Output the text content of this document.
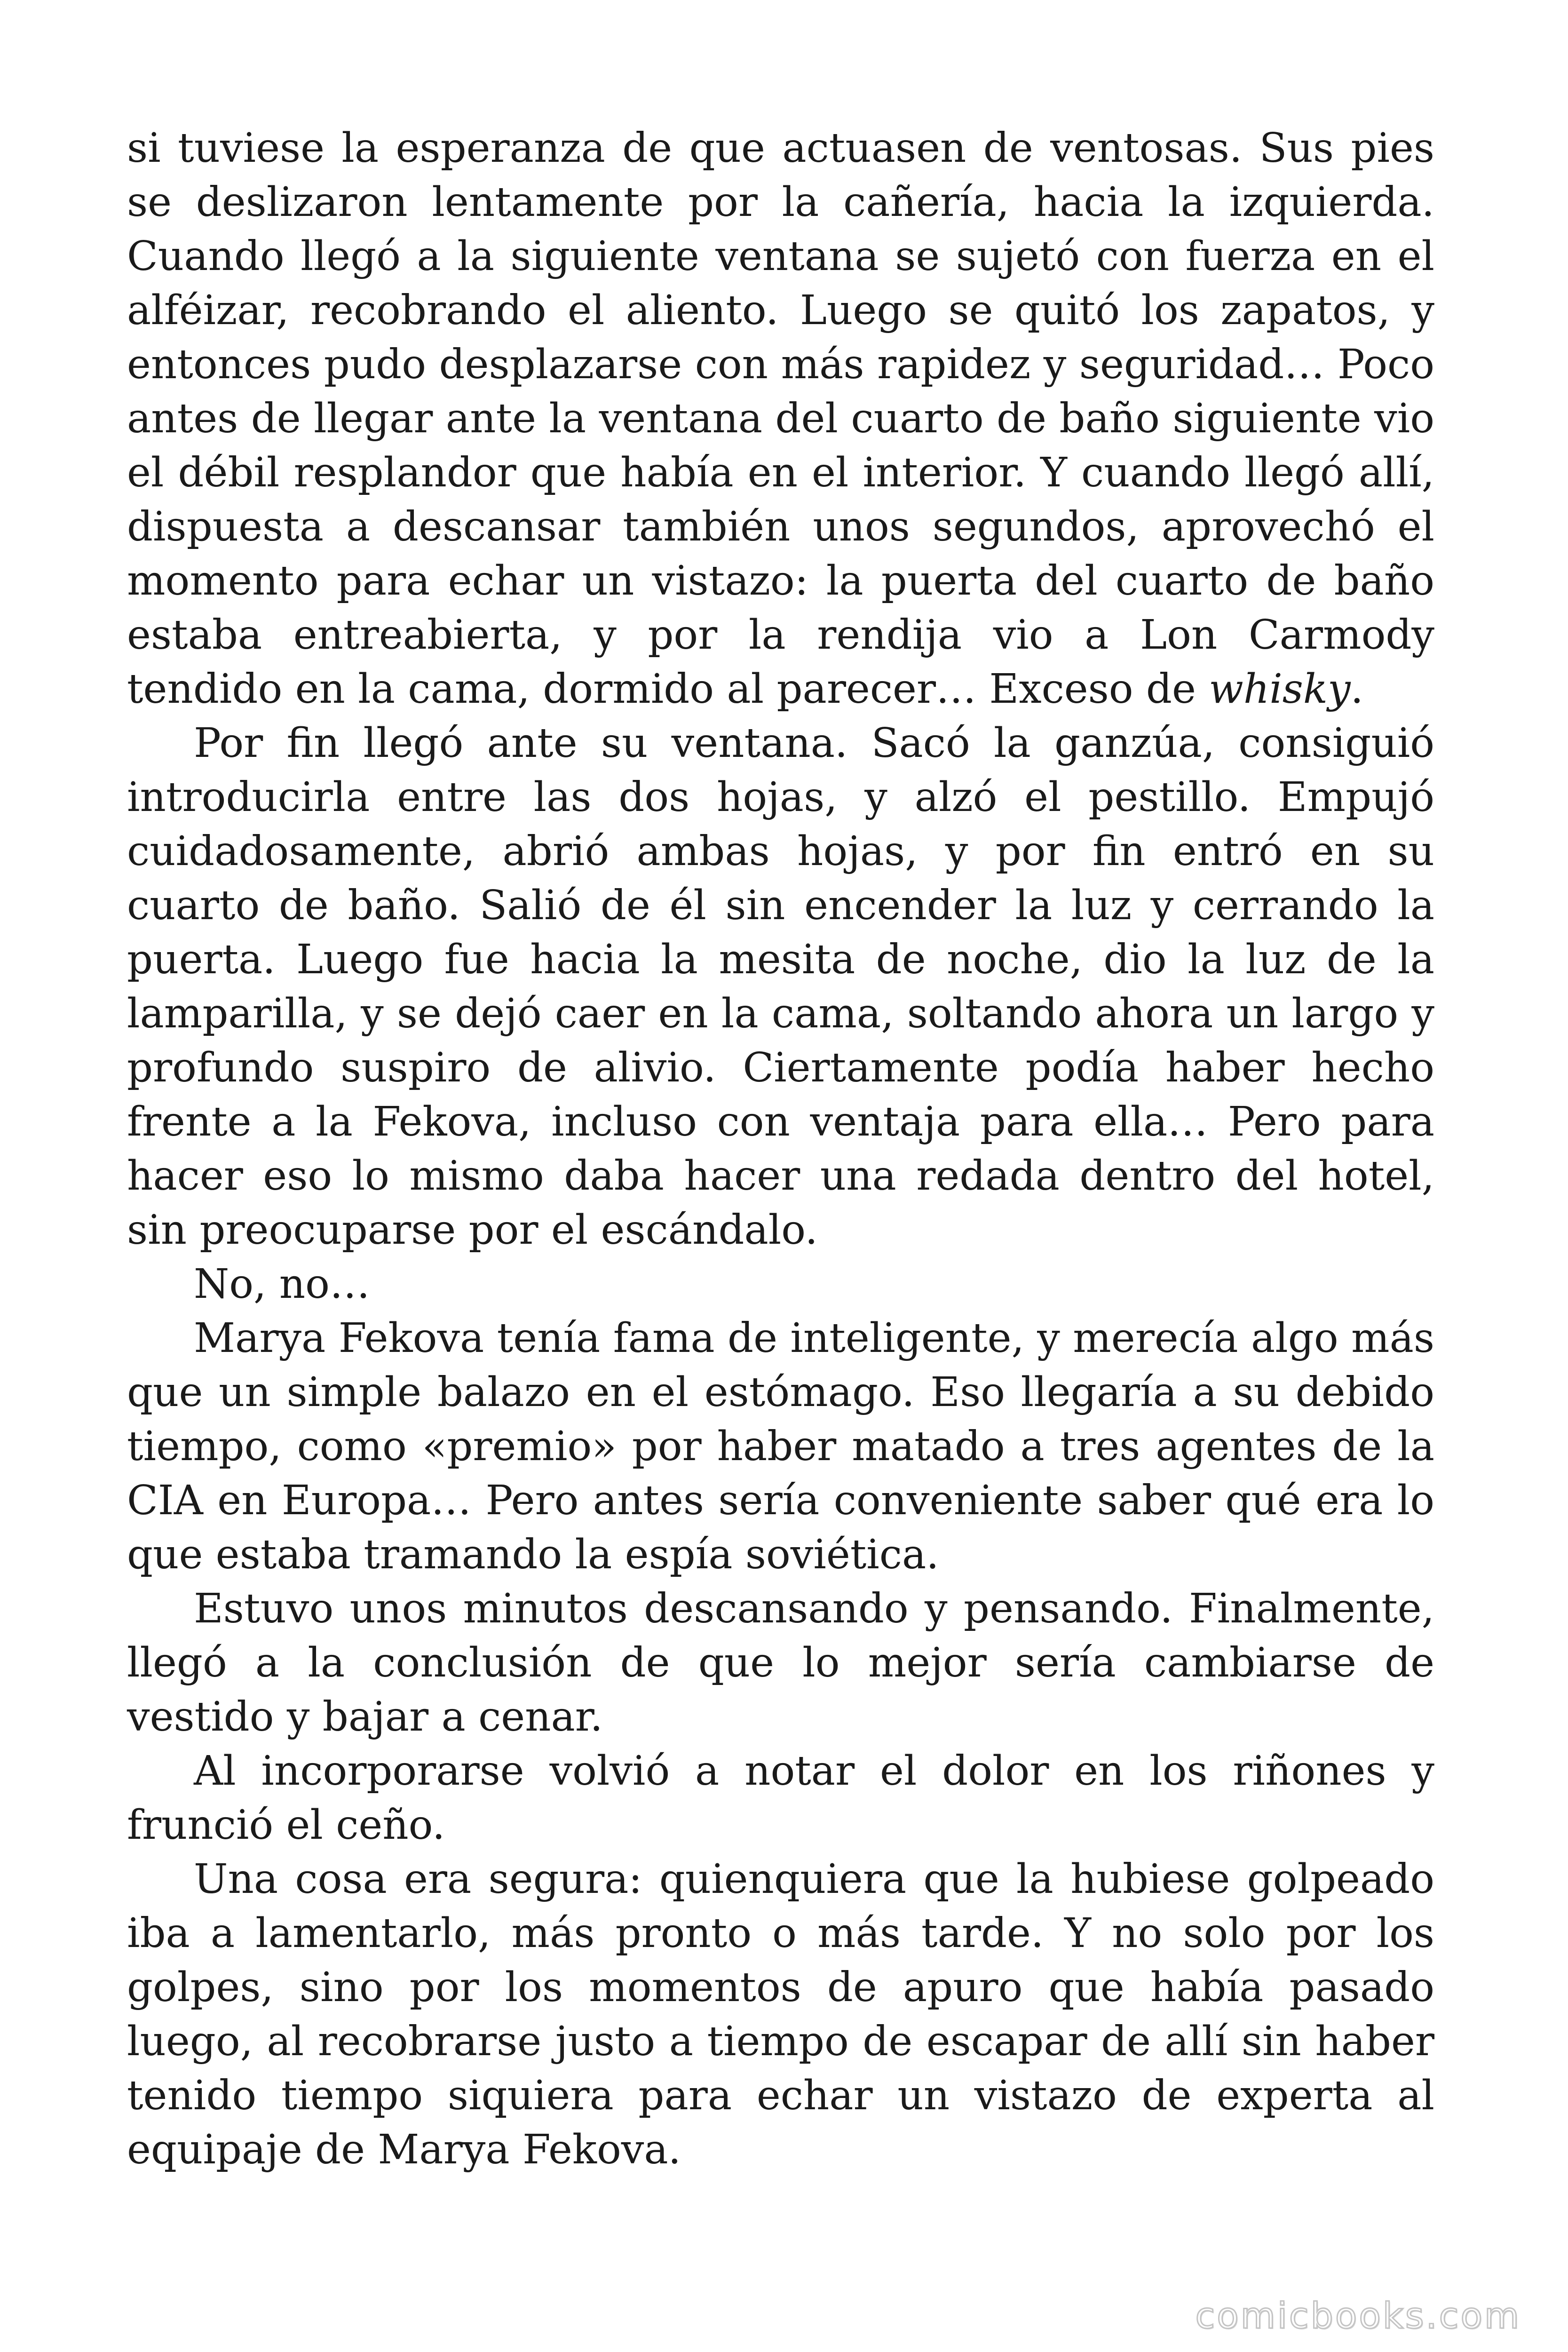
si tuviese la esperanza de que actuasen de ventosas. Sus pies se deslizaron lentamente por la cañería, hacia la izquierda. Cuando llegó a la siguiente ventana se sujetó con fuerza en el alféizar, recobrando el aliento. Luego se quitó los zapatos, y entonces pudo desplazarse con más rapidez y seguridad… Poco antes de llegar ante la ventana del cuarto de baño siguiente vio el débil resplandor que había en el interior. Y cuando llegó allí, dispuesta a descansar también unos segundos, aprovechó el momento para echar un vistazo: la puerta del cuarto de baño estaba entreabierta, y por la rendija vio a Lon Carmody tendido en la cama, dormido al parecer… Exceso de whisky.

Por fin llegó ante su ventana. Sacó la ganzúa, consiguió introducirla entre las dos hojas, y alzó el pestillo. Empujó cuidadosamente, abrió ambas hojas, y por fin entró en su cuarto de baño. Salió de él sin encender la luz y cerrando la puerta. Luego fue hacia la mesita de noche, dio la luz de la lamparilla, y se dejó caer en la cama, soltando ahora un largo y profundo suspiro de alivio. Ciertamente podía haber hecho frente a la Fekova, incluso con ventaja para ella… Pero para hacer eso lo mismo daba hacer una redada dentro del hotel, sin preocuparse por el escándalo.

No, no…

Marya Fekova tenía fama de inteligente, y merecía algo más que un simple balazo en el estómago. Eso llegaría a su debido tiempo, como «premio» por haber matado a tres agentes de la CIA en Europa… Pero antes sería conveniente saber qué era lo que estaba tramando la espía soviética.

Estuvo unos minutos descansando y pensando. Finalmente, llegó a la conclusión de que lo mejor sería cambiarse de vestido y bajar a cenar.

Al incorporarse volvió a notar el dolor en los riñones y frunció el ceño.

Una cosa era segura: quienquiera que la hubiese golpeado iba a lamentarlo, más pronto o más tarde. Y no solo por los golpes, sino por los momentos de apuro que había pasado luego, al recobrarse justo a tiempo de escapar de allí sin haber tenido tiempo siquiera para echar un vistazo de experta al equipaje de Marya Fekova.

comicbooks.com
